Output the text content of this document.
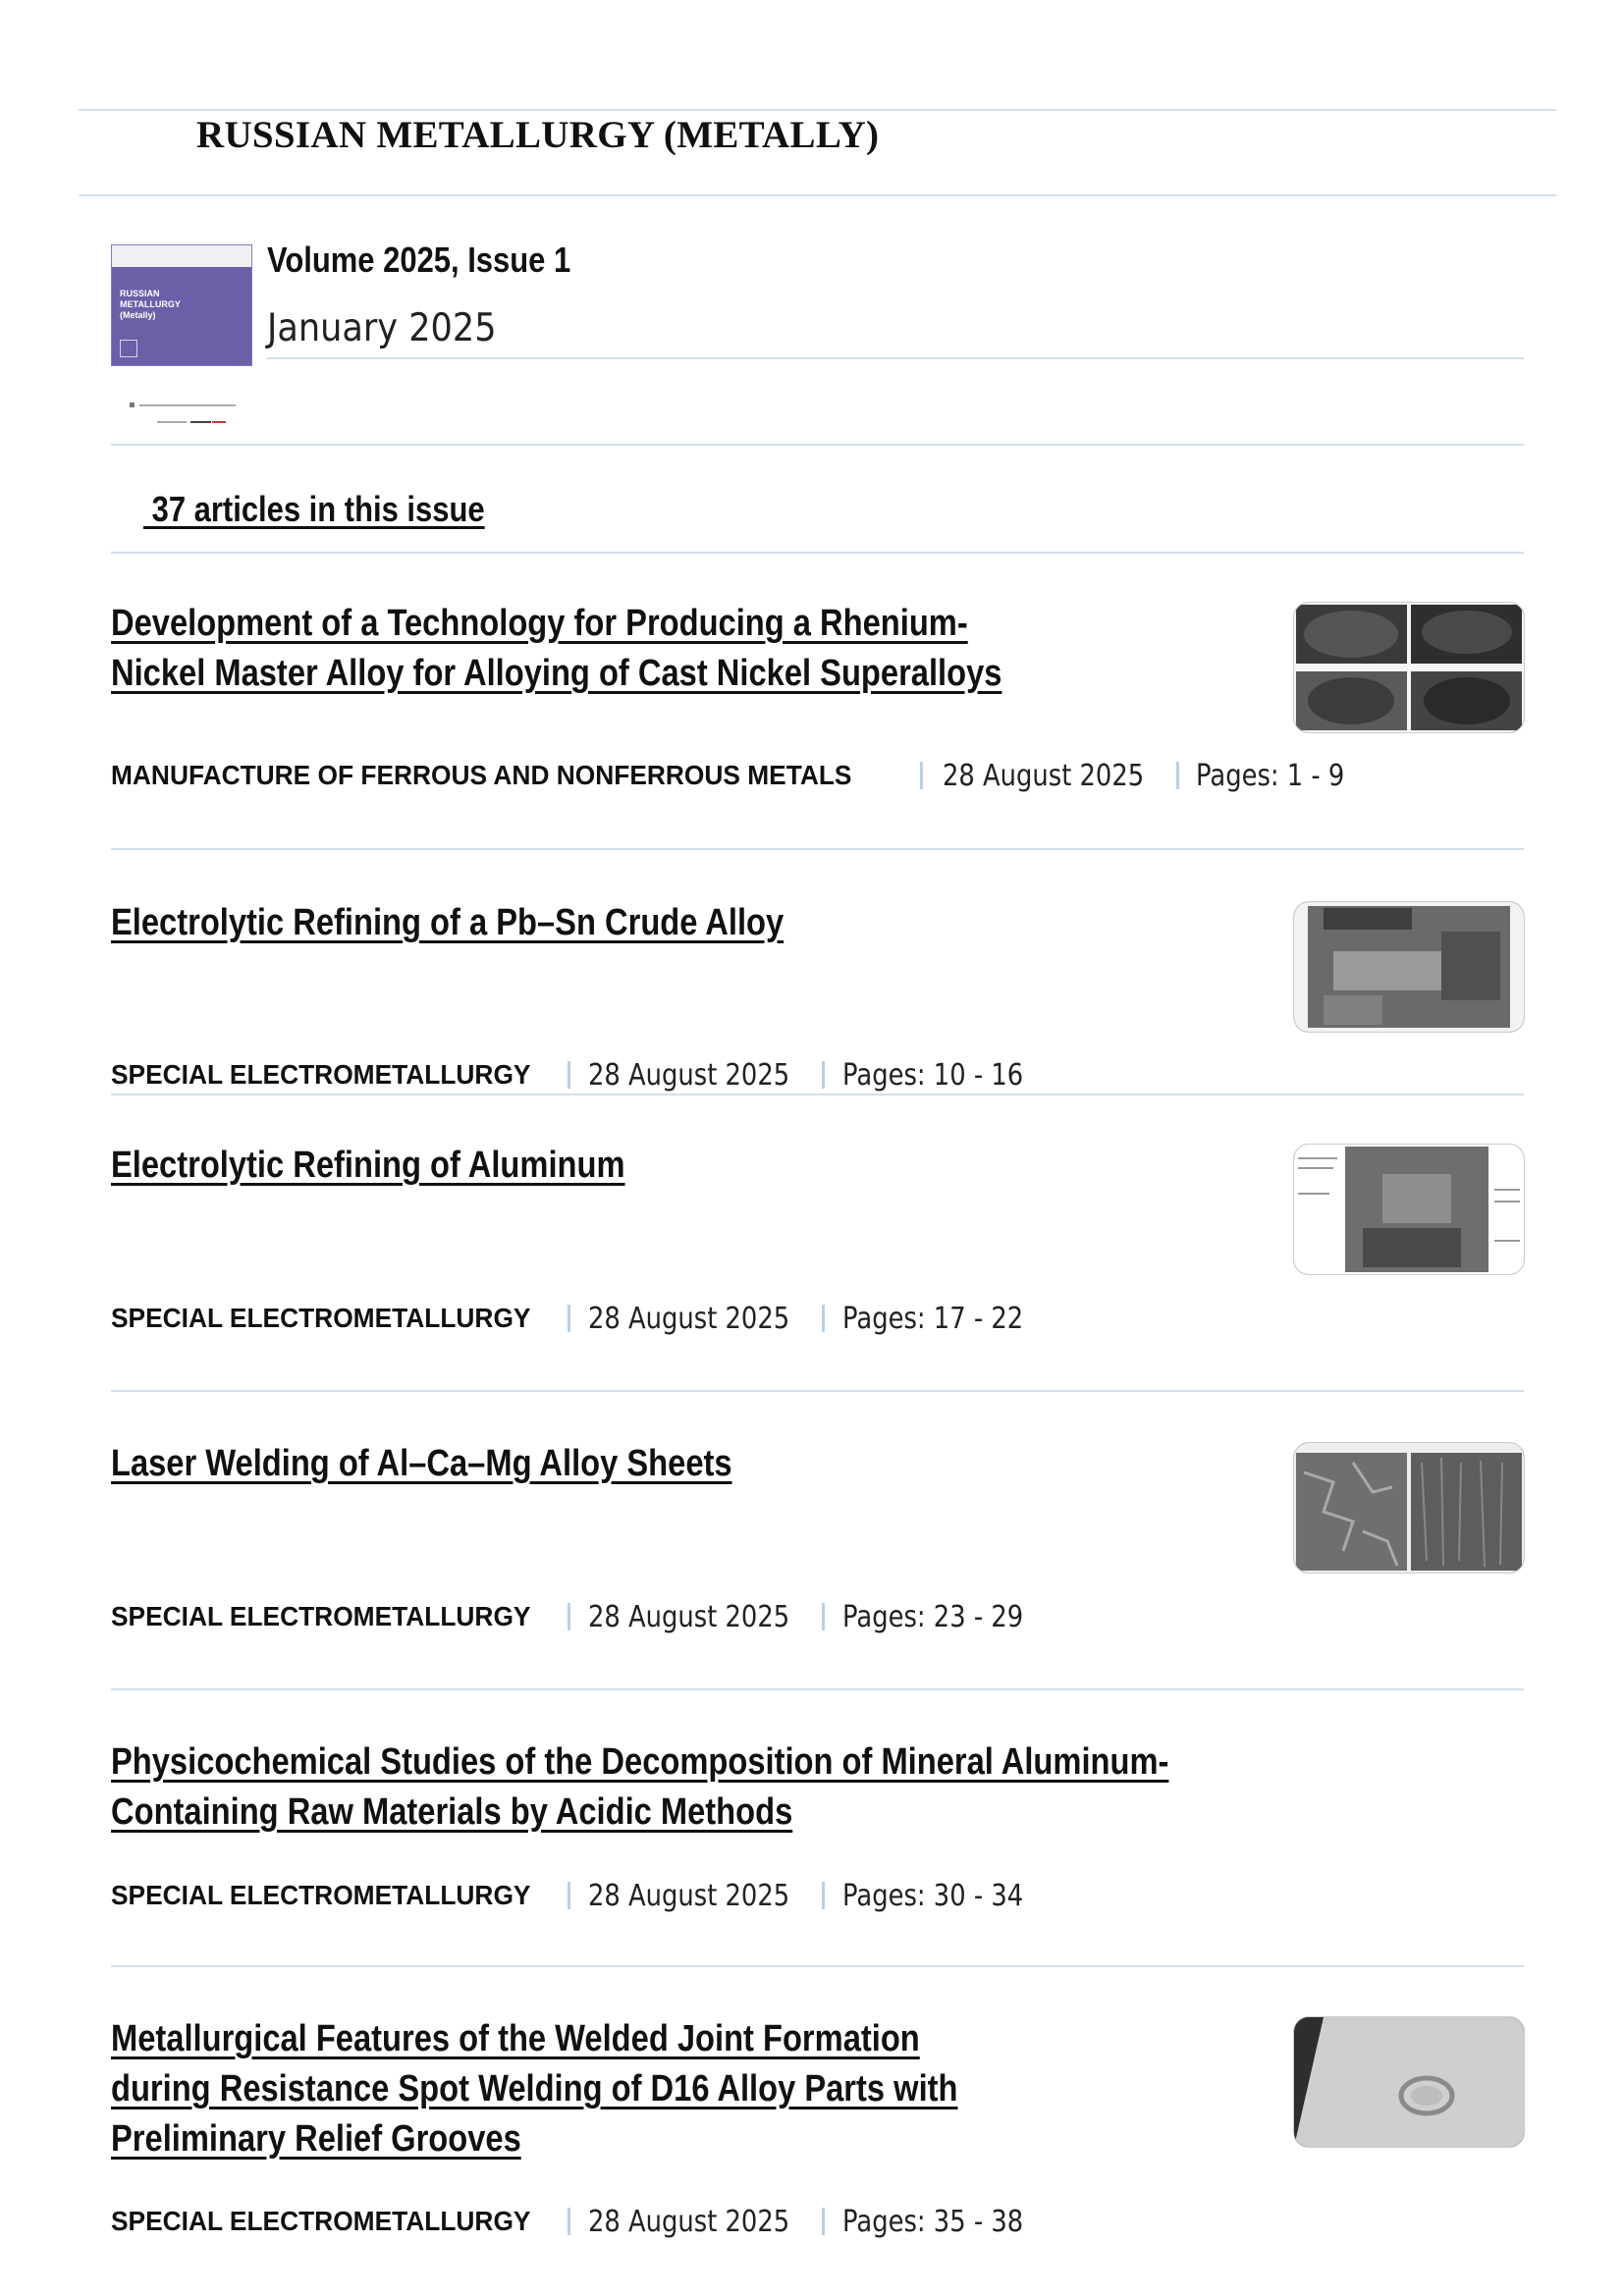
RUSSIAN METALLURGY (METALLY)
RUSSIAN
METALLURGY
(Metally)
Volume 2025, Issue 1
January 2025
37 articles in this issue
Development of a Technology for Producing a Rhenium-Nickel Master Alloy for Alloying of Cast Nickel Superalloys
MANUFACTURE OF FERROUS AND NONFERROUS METALS	28 August 2025 Pages: 1 - 9
Electrolytic Refining of a Pb–Sn Crude Alloy
SPECIAL ELECTROMETALLURGY 28 August 2025 Pages: 10 - 16
Electrolytic Refining of Aluminum
SPECIAL ELECTROMETALLURGY 28 August 2025 Pages: 17 - 22
Laser Welding of Al–Ca–Mg Alloy Sheets
SPECIAL ELECTROMETALLURGY 28 August 2025 Pages: 23 - 29
Physicochemical Studies of the Decomposition of Mineral Aluminum-Containing Raw Materials by Acidic Methods
SPECIAL ELECTROMETALLURGY 28 August 2025 Pages: 30 - 34
Metallurgical Features of the Welded Joint Formation during Resistance Spot Welding of D16 Alloy Parts with Preliminary Relief Grooves
SPECIAL ELECTROMETALLURGY 28 August 2025 Pages: 35 - 38
